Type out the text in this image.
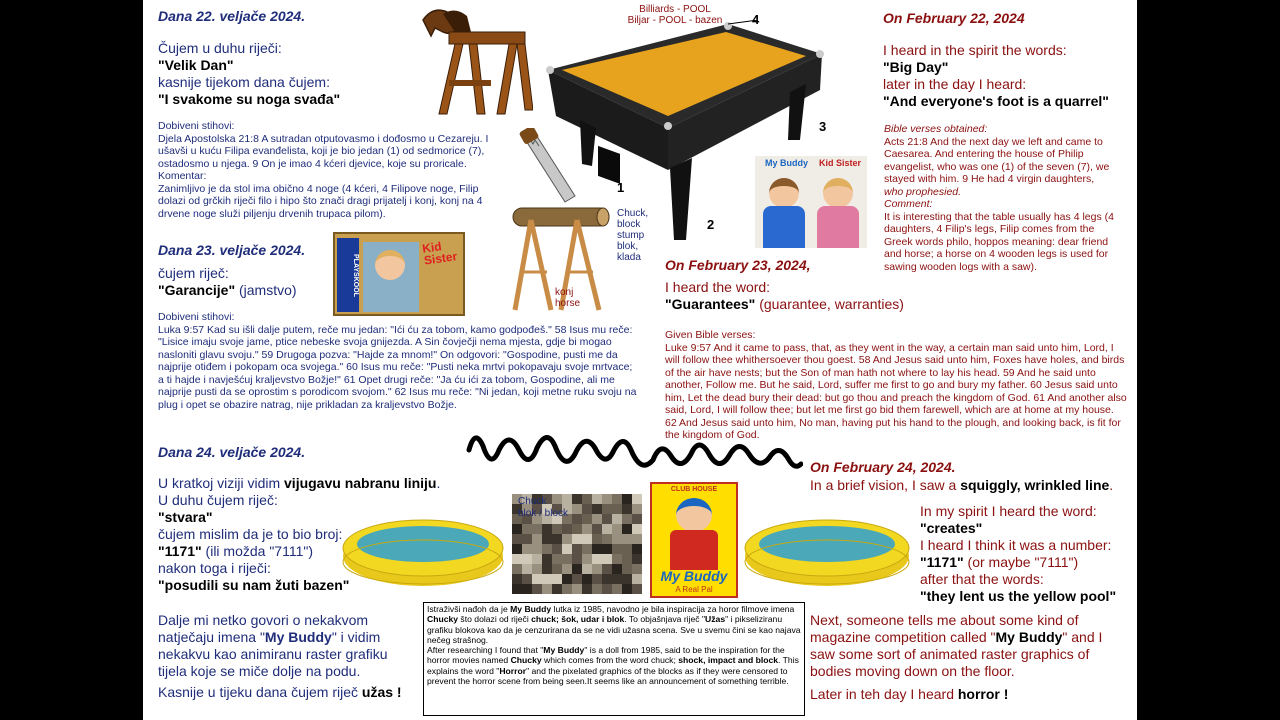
Dana 22. veljače 2024.
Čujem u duhu riječi:
"Velik Dan"
kasnije tijekom dana čujem:
"I svakome su noga svađa"
Dobiveni stihovi:
Djela Apostolska 21:8 A sutradan otputovasmo i dođosmo u Cezareju. I ušavši u kuću Filipa evanđelista, koji je bio jedan (1) od sedmorice (7), ostadosmo u njega. 9 On je imao 4 kćeri djevice, koje su proricale.
Komentar:
Zanimljivo je da stol ima obično 4 noge (4 kćeri, 4 Filipove noge, Filip dolazi od grčkih riječi filo i hipo što znači dragi prijatelj i konj, konj na 4 drvene noge služi piljenju drvenih trupaca pilom).
Dana 23. veljače 2024.
čujem riječ:
"Garancije" (jamstvo)
Dobiveni stihovi:
Luka 9:57 Kad su išli dalje putem, reče mu jedan: "Ići ću za tobom, kamo godpođeš." 58 Isus mu reče: "Lisice imaju svoje jame, ptice nebeske svoja gnijezda. A Sin čovječji nema mjesta, gdje bi mogao nasloniti glavu svoju." 59 Drugoga pozva: "Hajde za mnom!" On odgovori: "Gospodine, pusti me da najprije otiđem i pokopam oca svojega." 60 Isus mu reče: "Pusti neka mrtvi pokopavaju svoje mrtvace; a ti hajde i navješćuj kraljevstvo Božje!" 61 Opet drugi reče: "Ja ću ići za tobom, Gospodine, ali me najprije pusti da se oprostim s porodicom svojom." 62 Isus mu reče: "Ni jedan, koji metne ruku svoju na plug i opet se obazire natrag, nije prikladan za kraljevstvo Božje.
Dana 24. veljače 2024.
U kratkoj viziji vidim vijugavu nabranu liniju.
U duhu čujem riječ:
"stvara"
čujem mislim da je to bio broj:
"1171" (ili možda "7111")
nakon toga i riječi:
"posudili su nam žuti bazen"
Dalje mi netko govori o nekakvom natječaju imena "My Buddy" i vidim nekakvu kao animiranu raster grafiku tijela koje se miče dolje na podu.
Kasnije u tijeku dana čujem riječ užas !
On February 22, 2024
I heard in the spirit the words:
"Big Day"
later in the day I heard:
"And everyone's foot is a quarrel"
Bible verses obtained:
Acts 21:8 And the next day we left and came to Caesarea. And entering the house of Philip evangelist, who was one (1) of the seven (7), we stayed with him. 9 He had 4 virgin daughters,
who prophesied.
Comment:
It is interesting that the table usually has 4 legs (4 daughters, 4 Filip's legs, Filip comes from the Greek words philo, hoppos meaning: dear friend and horse; a horse on 4 wooden legs is used for sawing wooden logs with a saw).
On February 23, 2024,
I heard the word:
"Guarantees" (guarantee, warranties)
Given Bible verses:
Luke 9:57 And it came to pass, that, as they went in the way, a certain man said unto him, Lord, I will follow thee whithersoever thou goest. 58 And Jesus said unto him, Foxes have holes, and birds of the air have nests; but the Son of man hath not where to lay his head. 59 And he said unto another, Follow me. But he said, Lord, suffer me first to go and bury my father. 60 Jesus said unto him, Let the dead bury their dead: but go thou and preach the kingdom of God. 61 And another also said, Lord, I will follow thee; but let me first go bid them farewell, which are at home at my house. 62 And Jesus said unto him, No man, having put his hand to the plough, and looking back, is fit for the kingdom of God.
On February 24, 2024.
In a brief vision, I saw a squiggly, wrinkled line.
In my spirit I heard the word:
"creates"
I heard I think it was a number:
"1171" (or maybe "7111")
after that the words:
"they lent us the yellow pool"
Next, someone tells me about some kind of magazine competition called "My Buddy" and I saw some sort of animated raster graphics of bodies moving down on the floor.
Later in teh day I heard horror !
Chuck,
block
stump
blok,
klada
konj
horse
Billiards - POOL
Biljar - POOL - bazen	4
3
2
1
My Buddy Kid Sister
PLAYSKOOL
Kid Sister
Chuck
blok / block
CLUB HOUSE
My Buddy
A Real Pal
Istraživši nađoh da je My Buddy lutka iz 1985, navodno je bila inspiracija za horor filmove imena Chucky što dolazi od riječi chuck; šok, udar i blok. To objašnjava riječ "Užas" i pikseliziranu grafiku blokova kao da je cenzurirana da se ne vidi užasna scena. Sve u svemu čini se kao najava nečeg strašnog.
After researching I found that "My Buddy" is a doll from 1985, said to be the inspiration for the horror movies named Chucky which comes from the word chuck; shock, impact and block. This explains the word "Horror" and the pixelated graphics of the blocks as if they were censored to prevent the horror scene from being seen.It seems like an announcement of something terrible.
